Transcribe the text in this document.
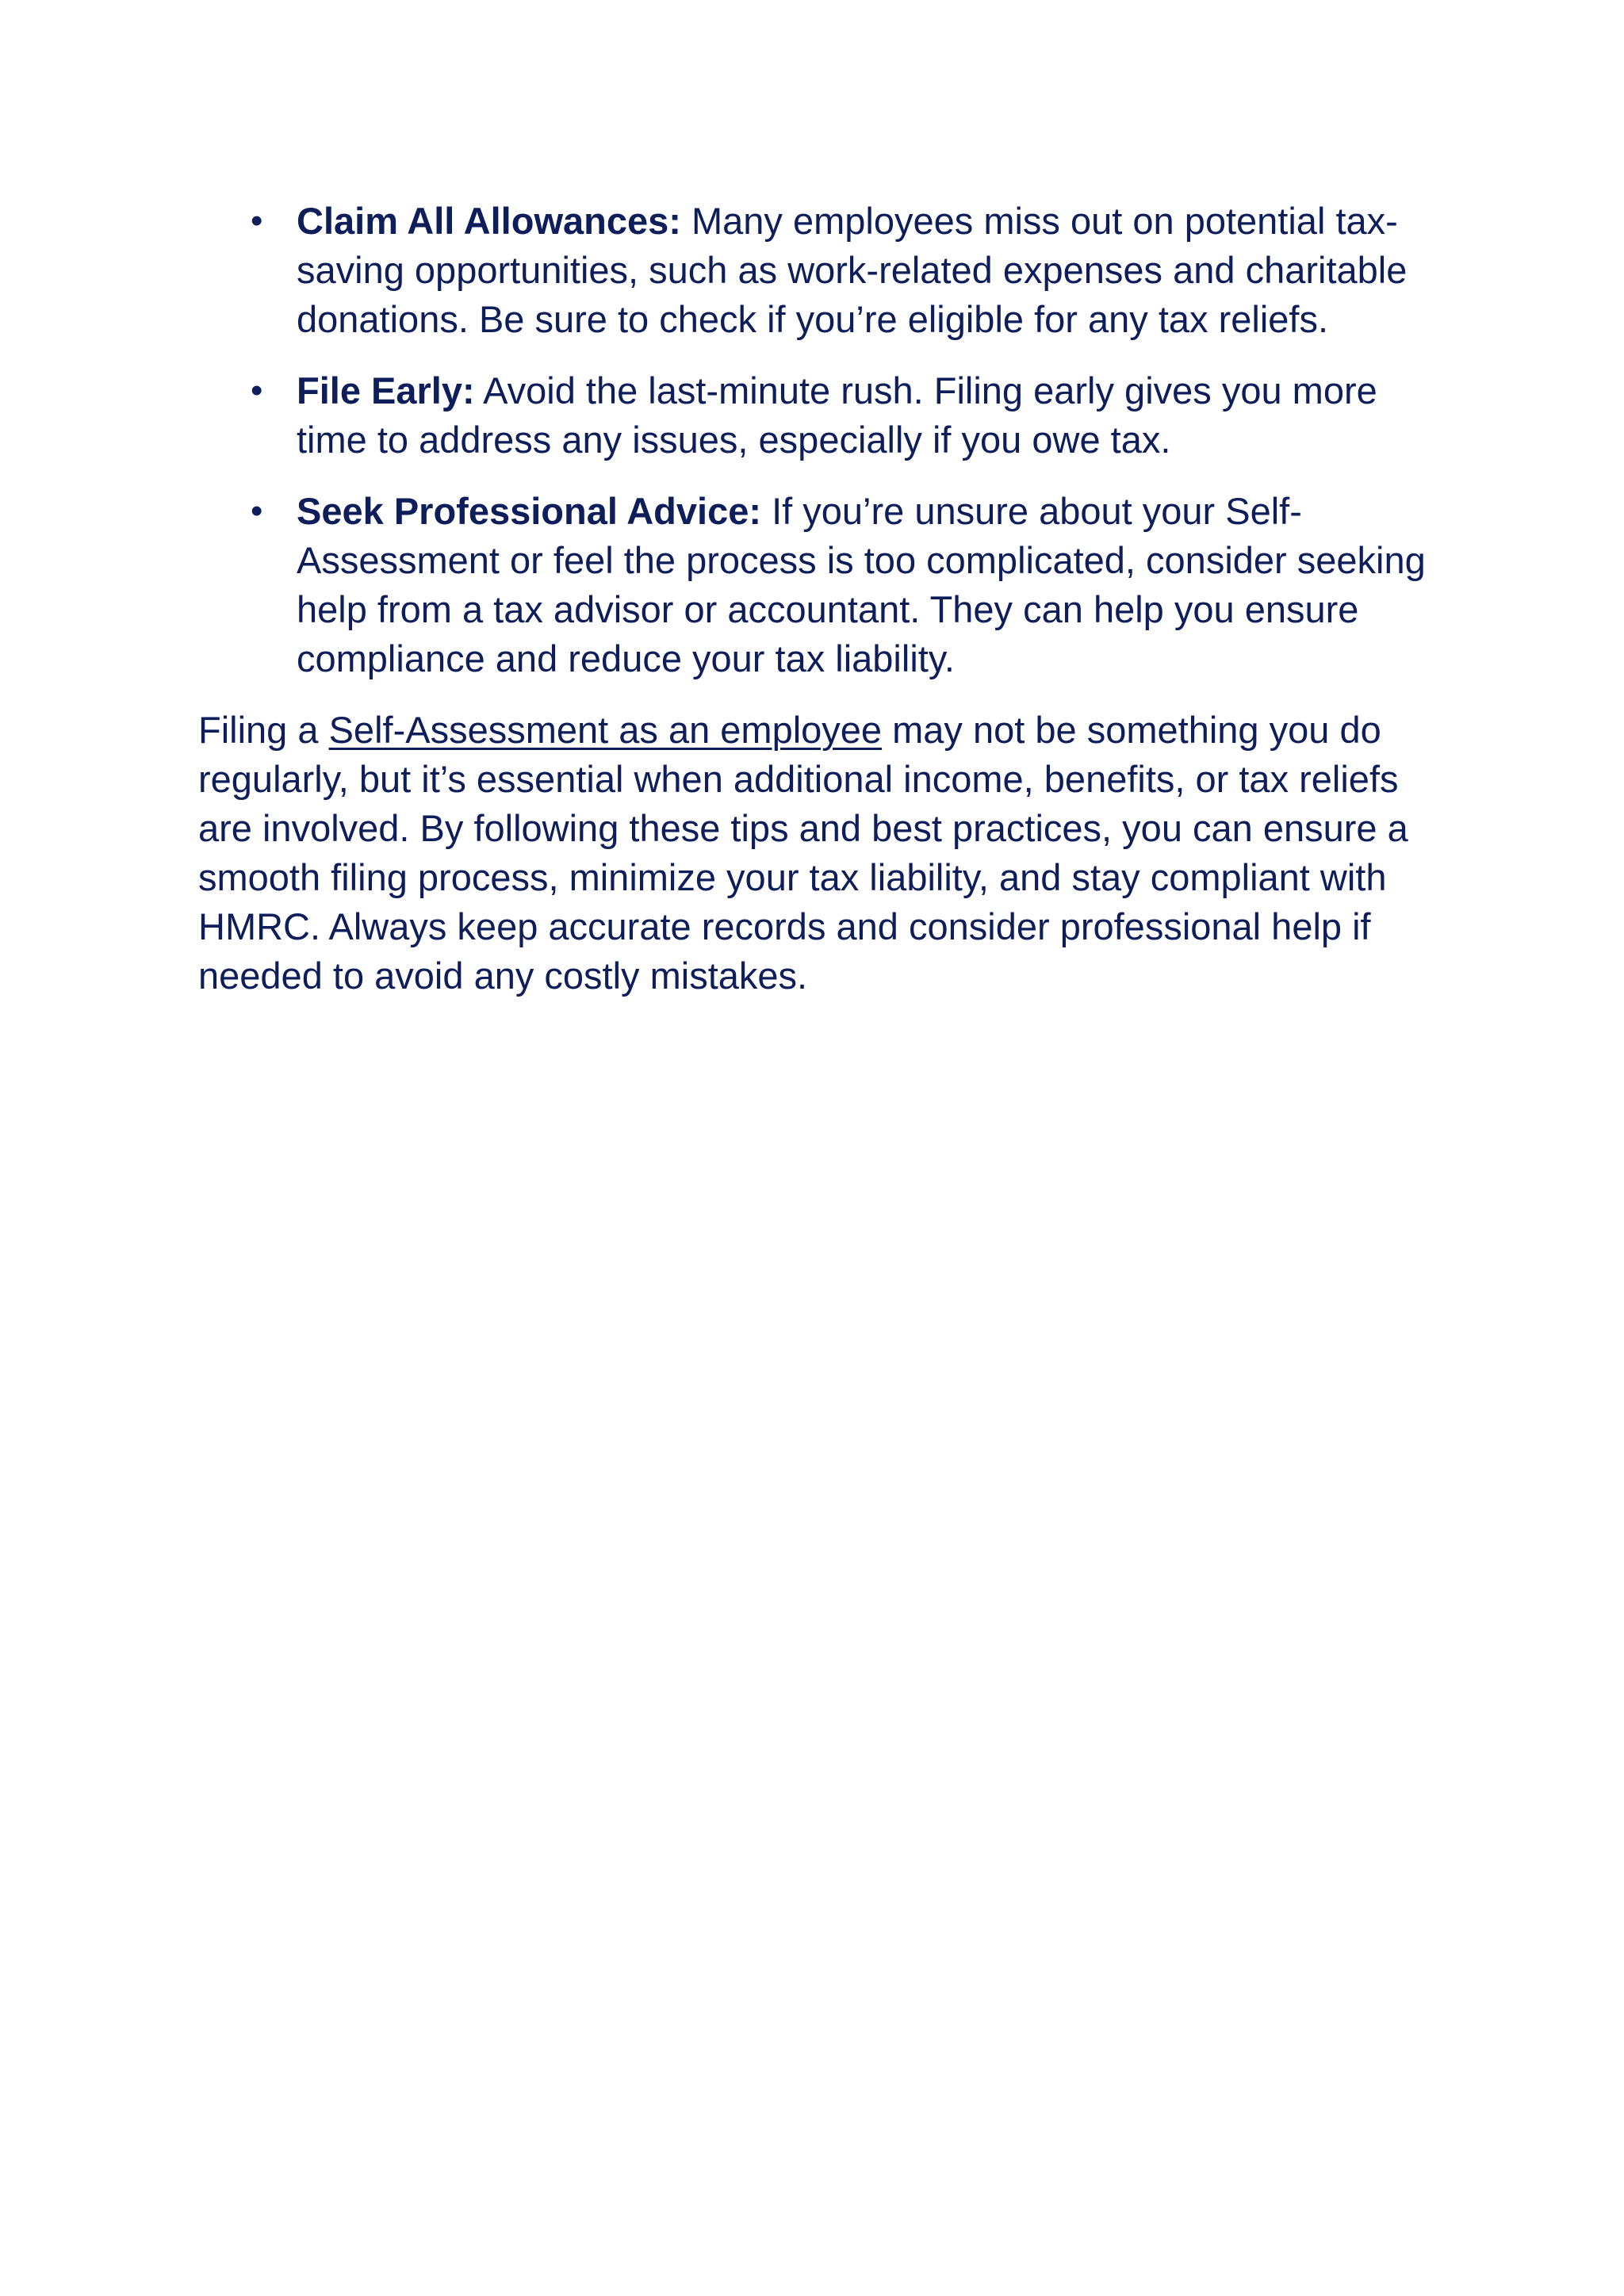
• Claim All Allowances: Many employees miss out on potential tax-saving opportunities, such as work-related expenses and charitable donations. Be sure to check if you’re eligible for any tax reliefs.
• File Early: Avoid the last-minute rush. Filing early gives you more time to address any issues, especially if you owe tax.
• Seek Professional Advice: If you’re unsure about your Self-Assessment or feel the process is too complicated, consider seeking help from a tax advisor or accountant. They can help you ensure compliance and reduce your tax liability.

Filing a Self-Assessment as an employee may not be something you do regularly, but it’s essential when additional income, benefits, or tax reliefs are involved. By following these tips and best practices, you can ensure a smooth filing process, minimize your tax liability, and stay compliant with HMRC. Always keep accurate records and consider professional help if needed to avoid any costly mistakes.
